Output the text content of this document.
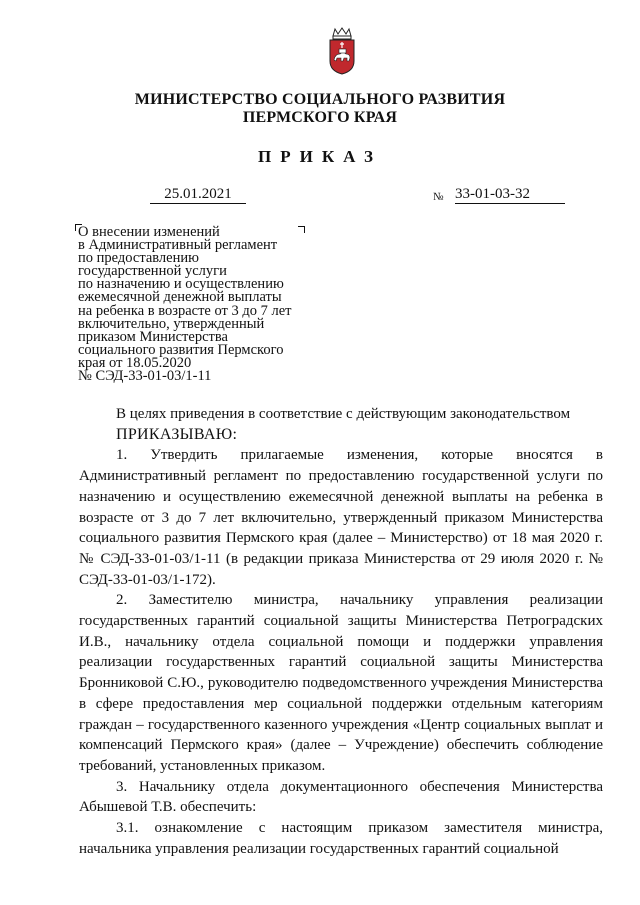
МИНИСТЕРСТВО СОЦИАЛЬНОГО РАЗВИТИЯ
ПЕРМСКОГО КРАЯ
ПРИКАЗ
25.01.2021	№ 33-01-03-32
О внесении изменений
в Административный регламент
по предоставлению
государственной услуги
по назначению и осуществлению
ежемесячной денежной выплаты
на ребенка в возрасте от 3 до 7 лет
включительно, утвержденный
приказом Министерства
социального развития Пермского
края от 18.05.2020
№ СЭД-33-01-03/1-11

В целях приведения в соответствие с действующим законодательством

ПРИКАЗЫВАЮ:

1. Утвердить прилагаемые изменения, которые вносятся в Административный регламент по предоставлению государственной услуги по назначению и осуществлению ежемесячной денежной выплаты на ребенка в возрасте от 3 до 7 лет включительно, утвержденный приказом Министерства социального развития Пермского края (далее – Министерство) от 18 мая 2020 г. № СЭД-33-01-03/1-11 (в редакции приказа Министерства от 29 июля 2020 г. № СЭД-33-01-03/1-172).

2. Заместителю министра, начальнику управления реализации государственных гарантий социальной защиты Министерства Петроградских И.В., начальнику отдела социальной помощи и поддержки управления реализации государственных гарантий социальной защиты Министерства Бронниковой С.Ю., руководителю подведомственного учреждения Министерства в сфере предоставления мер социальной поддержки отдельным категориям граждан – государственного казенного учреждения «Центр социальных выплат и компенсаций Пермского края» (далее – Учреждение) обеспечить соблюдение требований, установленных приказом.

3. Начальнику отдела документационного обеспечения Министерства Абышевой Т.В. обеспечить:

3.1. ознакомление с настоящим приказом заместителя министра, начальника управления реализации государственных гарантий социальной
